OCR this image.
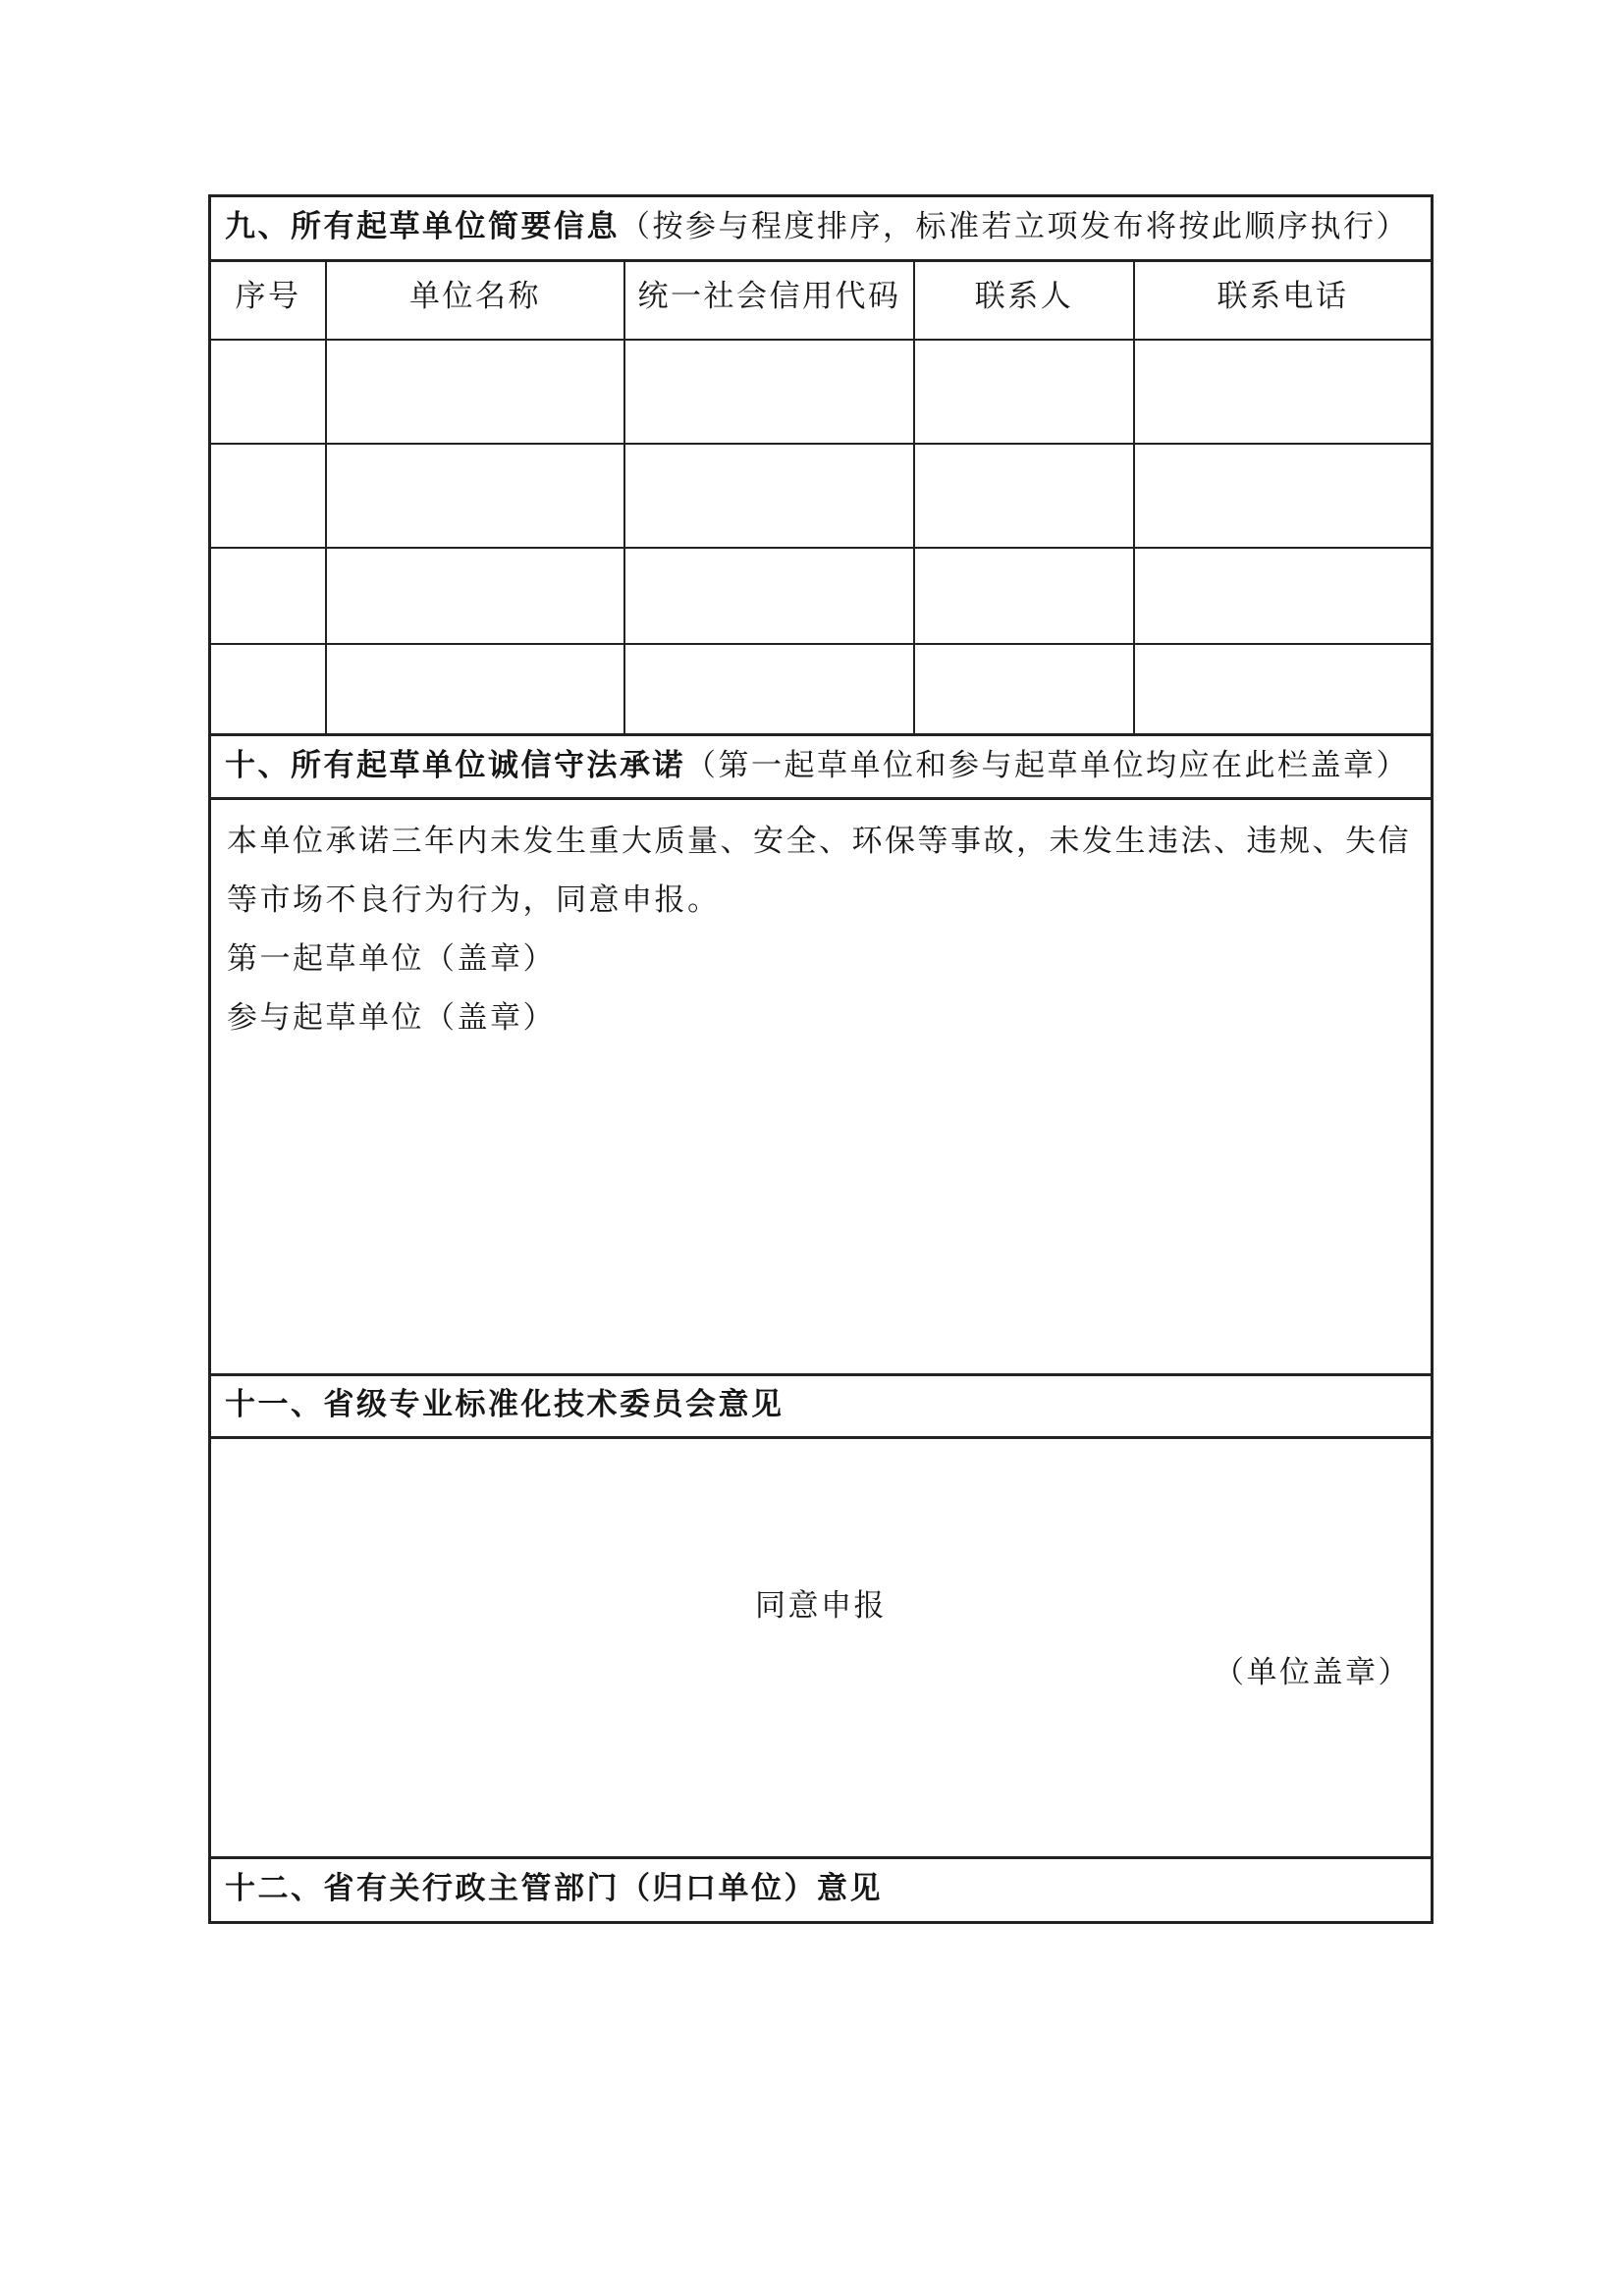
九、所有起草单位简要信息 （按参与程度排序，标准若立项发布将按此顺序执行）
序号	单位名称	统一社会信用代码	联系人	联系电话

十、所有起草单位诚信守法承诺 （第一起草单位和参与起草单位均应在此栏盖章）

本单位承诺三年内未发生重大质量、安全、环保等事故，未发生违法、违规、失信

等市场不良行为行为，同意申报。

第一起草单位（盖章）

参与起草单位（盖章）

十一、省级专业标准化技术委员会意见

同意申报

（单位盖章）

十二、省有关行政主管部门（归口单位）意见
